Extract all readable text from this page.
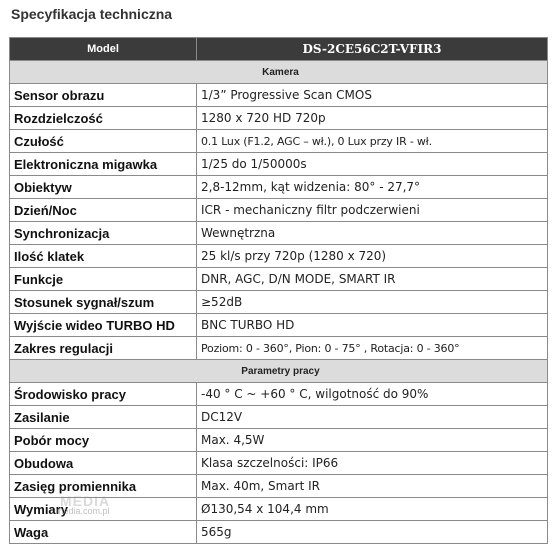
Specyfikacja techniczna
Model	DS-2CE56C2T-VFIR3
Kamera	
Sensor obrazu	1/3” Progressive Scan CMOS
Rozdzielczość	1280 x 720 HD 720p
Czułość	0.1 Lux (F1.2, AGC – wł.), 0 Lux przy IR - wł.
Elektroniczna migawka	1/25 do 1/50000s
Obiektyw	2,8-12mm, kąt widzenia: 80° - 27,7°
Dzień/Noc	ICR - mechaniczny filtr podczerwieni
Synchronizacja	Wewnętrzna
Ilość klatek	25 kl/s przy 720p (1280 x 720)
Funkcje	DNR, AGC, D/N MODE, SMART IR
Stosunek sygnał/szum	≥52dB
Wyjście wideo TURBO HD	BNC TURBO HD
Zakres regulacji	Poziom: 0 - 360°, Pion: 0 - 75° , Rotacja: 0 - 360°
Parametry pracy	
Środowisko pracy	-40 ° C ~ +60 ° C, wilgotność do 90%
Zasilanie	DC12V
Pobór mocy	Max. 4,5W
Obudowa	Klasa szczelności: IP66
Zasięg promiennika	Max. 40m, Smart IR
Wymiary	Ø130,54 x 104,4 mm
Waga	565g
MEDIA
media.com.pl
